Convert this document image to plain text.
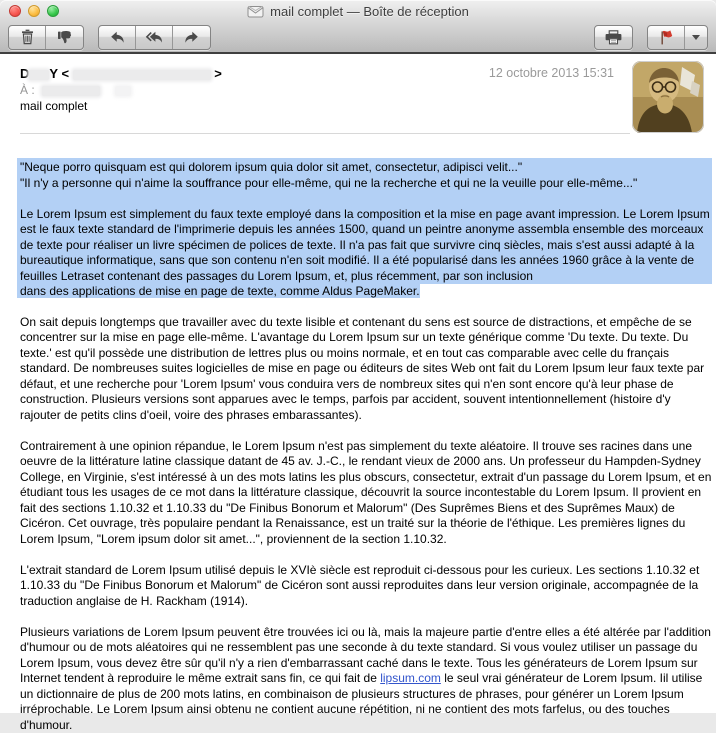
mail complet — Boîte de réception
D Y <	>
À :
mail complet
12 octobre 2013 15:31
"Neque porro quisquam est qui dolorem ipsum quia dolor sit amet, consectetur, adipisci velit..."
"Il n'y a personne qui n'aime la souffrance pour elle-même, qui ne la recherche et qui ne la veuille pour elle-même..."
Le Lorem Ipsum est simplement du faux texte employé dans la composition et la mise en page avant impression. Le Lorem Ipsum est le faux texte standard de l'imprimerie depuis les années 1500, quand un peintre anonyme assembla ensemble des morceaux de texte pour réaliser un livre spécimen de polices de texte. Il n'a pas fait que survivre cinq siècles, mais s'est aussi adapté à la bureautique informatique, sans que son contenu n'en soit modifié. Il a été popularisé dans les années 1960 grâce à la vente de feuilles Letraset contenant des passages du Lorem Ipsum, et, plus récemment, par son inclusion
dans des applications de mise en page de texte, comme Aldus PageMaker.

On sait depuis longtemps que travailler avec du texte lisible et contenant du sens est source de distractions, et empêche de se concentrer sur la mise en page elle-même. L'avantage du Lorem Ipsum sur un texte générique comme 'Du texte. Du texte. Du texte.' est qu'il possède une distribution de lettres plus ou moins normale, et en tout cas comparable avec celle du français standard. De nombreuses suites logicielles de mise en page ou éditeurs de sites Web ont fait du Lorem Ipsum leur faux texte par défaut, et une recherche pour 'Lorem Ipsum' vous conduira vers de nombreux sites qui n'en sont encore qu'à leur phase de construction. Plusieurs versions sont apparues avec le temps, parfois par accident, souvent intentionnellement (histoire d'y rajouter de petits clins d'oeil, voire des phrases embarassantes).

Contrairement à une opinion répandue, le Lorem Ipsum n'est pas simplement du texte aléatoire. Il trouve ses racines dans une oeuvre de la littérature latine classique datant de 45 av. J.-C., le rendant vieux de 2000 ans. Un professeur du Hampden-Sydney College, en Virginie, s'est intéressé à un des mots latins les plus obscurs, consectetur, extrait d'un passage du Lorem Ipsum, et en étudiant tous les usages de ce mot dans la littérature classique, découvrit la source incontestable du Lorem Ipsum. Il provient en fait des sections 1.10.32 et 1.10.33 du "De Finibus Bonorum et Malorum" (Des Suprêmes Biens et des Suprêmes Maux) de Cicéron. Cet ouvrage, très populaire pendant la Renaissance, est un traité sur la théorie de l'éthique. Les premières lignes du Lorem Ipsum, "Lorem ipsum dolor sit amet...", proviennent de la section 1.10.32.

L'extrait standard de Lorem Ipsum utilisé depuis le XVIè siècle est reproduit ci-dessous pour les curieux. Les sections 1.10.32 et 1.10.33 du "De Finibus Bonorum et Malorum" de Cicéron sont aussi reproduites dans leur version originale, accompagnée de la traduction anglaise de H. Rackham (1914).

Plusieurs variations de Lorem Ipsum peuvent être trouvées ici ou là, mais la majeure partie d'entre elles a été altérée par l'addition d'humour ou de mots aléatoires qui ne ressemblent pas une seconde à du texte standard. Si vous voulez utiliser un passage du Lorem Ipsum, vous devez être sûr qu'il n'y a rien d'embarrassant caché dans le texte. Tous les générateurs de Lorem Ipsum sur Internet tendent à reproduire le même extrait sans fin, ce qui fait de lipsum.com le seul vrai générateur de Lorem Ipsum. Iil utilise un dictionnaire de plus de 200 mots latins, en combinaison de plusieurs structures de phrases, pour générer un Lorem Ipsum irréprochable. Le Lorem Ipsum ainsi obtenu ne contient aucune répétition, ni ne contient des mots farfelus, ou des touches d'humour.
